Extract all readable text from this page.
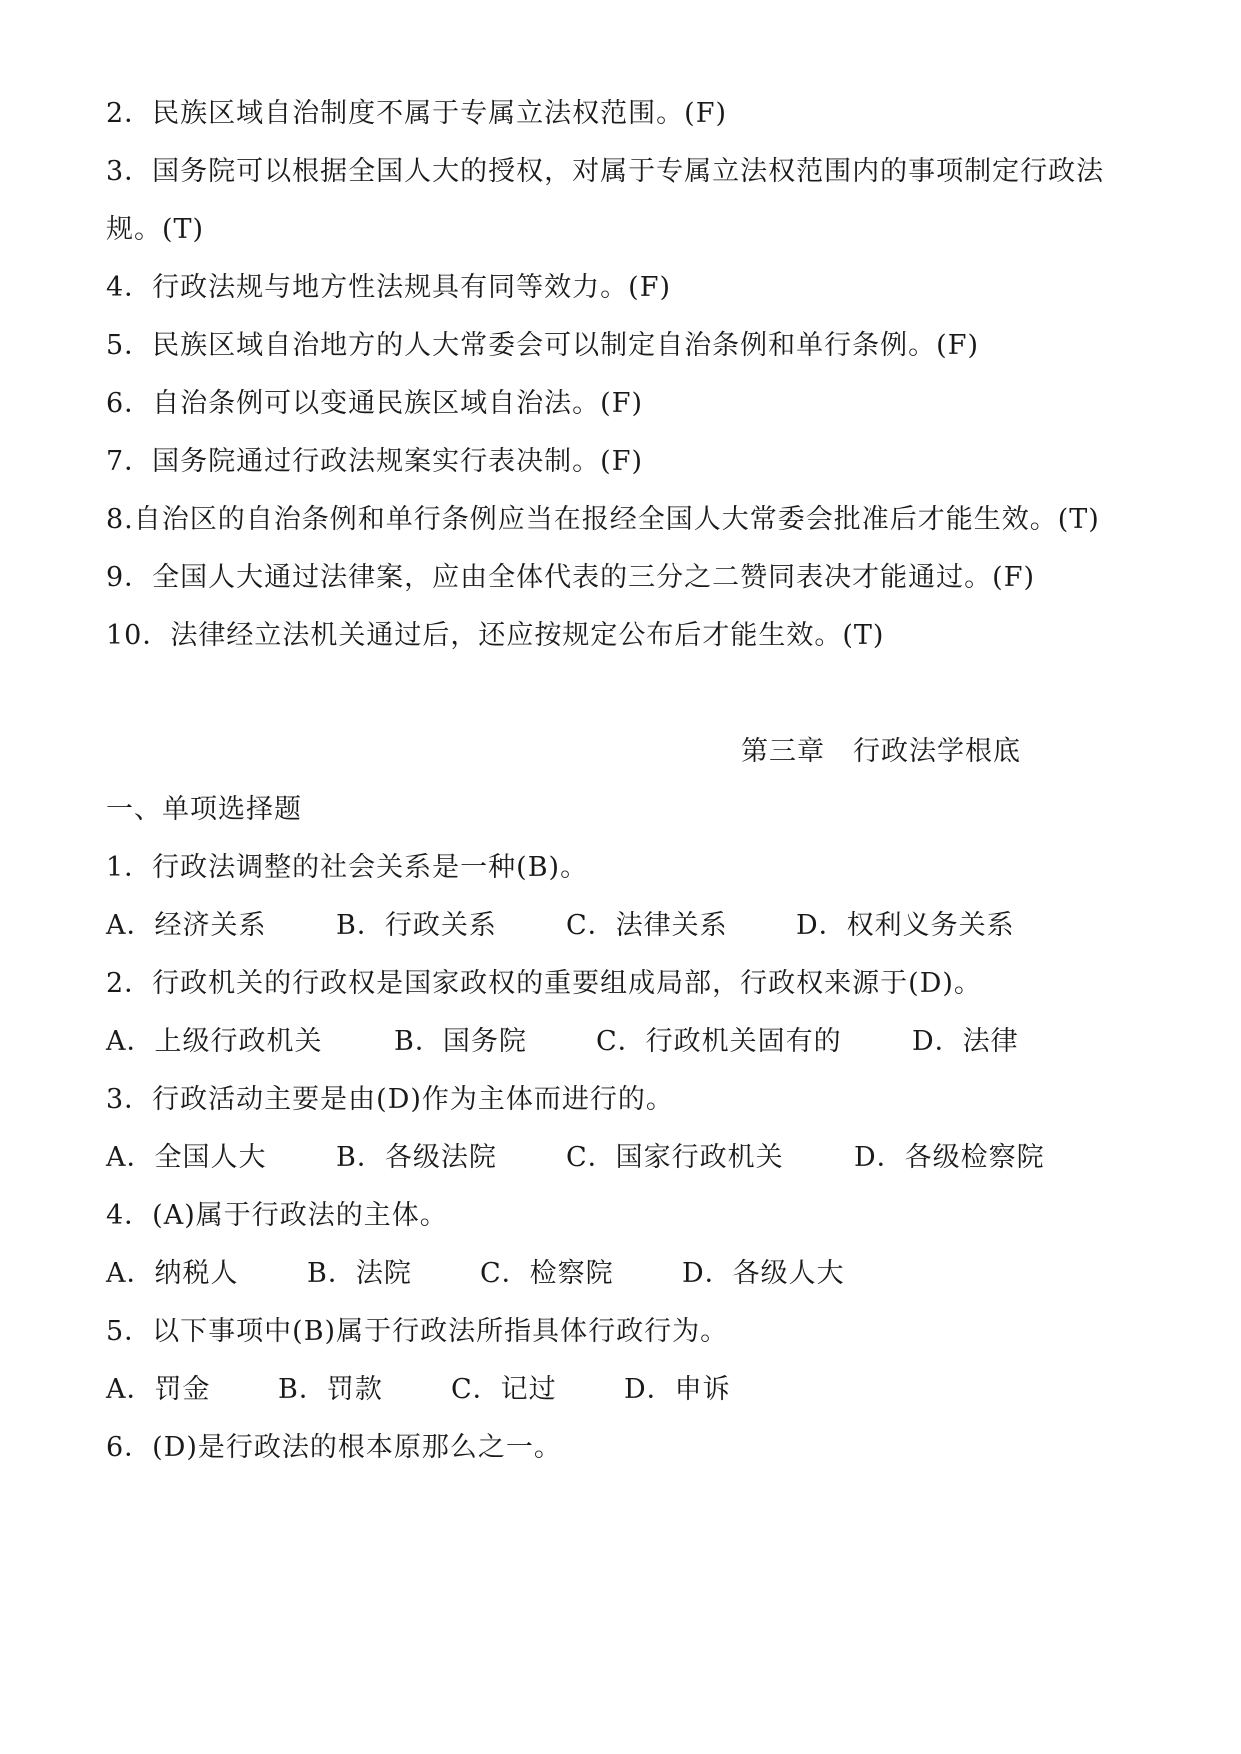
2．民族区域自治制度不属于专属立法权范围。(F)
3．国务院可以根据全国人大的授权，对属于专属立法权范围内的事项制定行政法
规。(T)
4．行政法规与地方性法规具有同等效力。(F)
5．民族区域自治地方的人大常委会可以制定自治条例和单行条例。(F)
6．自治条例可以变通民族区域自治法。(F)
7．国务院通过行政法规案实行表决制。(F)
8.自治区的自治条例和单行条例应当在报经全国人大常委会批准后才能生效。(T)
9．全国人大通过法律案，应由全体代表的三分之二赞同表决才能通过。(F)
10．法律经立法机关通过后，还应按规定公布后才能生效。(T)
第三章　行政法学根底
一、单项选择题
1．行政法调整的社会关系是一种(B)。
A．经济关系	B．行政关系	C．法律关系	D．权利义务关系
2．行政机关的行政权是国家政权的重要组成局部，行政权来源于(D)。
A．上级行政机关	B．国务院	C．行政机关固有的	D．法律
3．行政活动主要是由(D)作为主体而进行的。
A．全国人大	B．各级法院	C．国家行政机关	D．各级检察院
4．(A)属于行政法的主体。
A．纳税人	B．法院	C．检察院	D．各级人大
5．以下事项中(B)属于行政法所指具体行政行为。
A．罚金	B．罚款	C．记过 D．申诉
6．(D)是行政法的根本原那么之一。
